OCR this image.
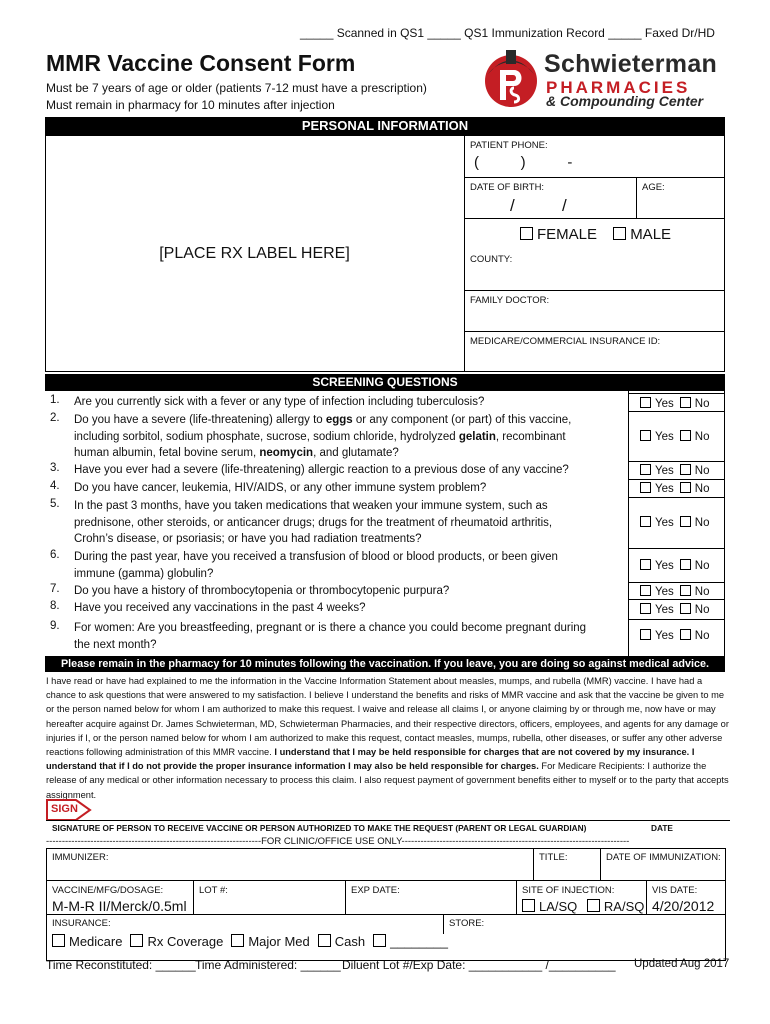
_____ Scanned in QS1 _____ QS1 Immunization Record _____ Faxed Dr/HD
MMR Vaccine Consent Form
Must be 7 years of age or older (patients 7-12 must have a prescription)
Must remain in pharmacy for 10 minutes after injection
Schwieterman
PHARMACIES
& Compounding Center
PERSONAL INFORMATION
[PLACE RX LABEL HERE]
PATIENT PHONE:
(          )          -
DATE OF BIRTH:	AGE:
/          /
FEMALE MALE
COUNTY:
FAMILY DOCTOR:
MEDICARE/COMMERCIAL INSURANCE ID:
SCREENING QUESTIONS
1. Are you currently sick with a fever or any type of infection including tuberculosis?	Yes No
2. Do you have a severe (life-threatening) allergy to eggs or any component (or part) of this vaccine,
including sorbitol, sodium phosphate, sucrose, sodium chloride, hydrolyzed gelatin, recombinant
human albumin, fetal bovine serum, neomycin, and glutamate?
Yes No
3. Have you ever had a severe (life-threatening) allergic reaction to a previous dose of any vaccine?	Yes No
4. Do you have cancer, leukemia, HIV/AIDS, or any other immune system problem?	Yes No
5. In the past 3 months, have you taken medications that weaken your immune system, such as
prednisone, other steroids, or anticancer drugs; drugs for the treatment of rheumatoid arthritis,
Crohn’s disease, or psoriasis; or have you had radiation treatments?
Yes No
6. During the past year, have you received a transfusion of blood or blood products, or been given
immune (gamma) globulin?
Yes No
7. Do you have a history of thrombocytopenia or thrombocytopenic purpura?	Yes No
8. Have you received any vaccinations in the past 4 weeks?	Yes No
9. For women: Are you breastfeeding, pregnant or is there a chance you could become pregnant during
the next month?
Yes No
Please remain in the pharmacy for 10 minutes following the vaccination. If you leave, you are doing so against medical advice.
I have read or have had explained to me the information in the Vaccine Information Statement about measles, mumps, and rubella (MMR) vaccine. I have had a chance to ask questions that were answered to my satisfaction. I believe I understand the benefits and risks of MMR vaccine and ask that the vaccine be given to me or the person named below for whom I am authorized to make this request. I waive and release all claims I, or anyone claiming by or through me, now have or may hereafter acquire against Dr. James Schwieterman, MD, Schwieterman Pharmacies, and their respective directors, officers, employees, and agents for any damage or injuries if I, or the person named below for whom I am authorized to make this request, contact measles, mumps, rubella, other diseases, or suffer any other adverse reactions following administration of this MMR vaccine. I understand that I may be held responsible for charges that are not covered by my insurance. I understand that if I do not provide the proper insurance information I may also be held responsible for charges. For Medicare Recipients: I authorize the release of any medical or other information necessary to process this claim. I also request payment of government benefits either to myself or to the party that accepts assignment.
SIGN
SIGNATURE OF PERSON TO RECEIVE VACCINE OR PERSON AUTHORIZED TO MAKE THE REQUEST (PARENT OR LEGAL GUARDIAN)	DATE
--------------------------------------------------------------------FOR CLINIC/OFFICE USE ONLY------------------------------------------------------------------------
IMMUNIZER:	TITLE:	DATE OF IMMUNIZATION:
VACCINE/MFG/DOSAGE:
M-M-R II/Merck/0.5ml
LOT #:	EXP DATE:	SITE OF INJECTION:
LA/SQ RA/SQ
VIS DATE:
4/20/2012
INSURANCE:	STORE:
Medicare Rx Coverage Major Med Cash ________
Time Reconstituted: ______ Time Administered: ______ Diluent Lot #/Exp Date: ___________ /__________ Updated Aug 2017
